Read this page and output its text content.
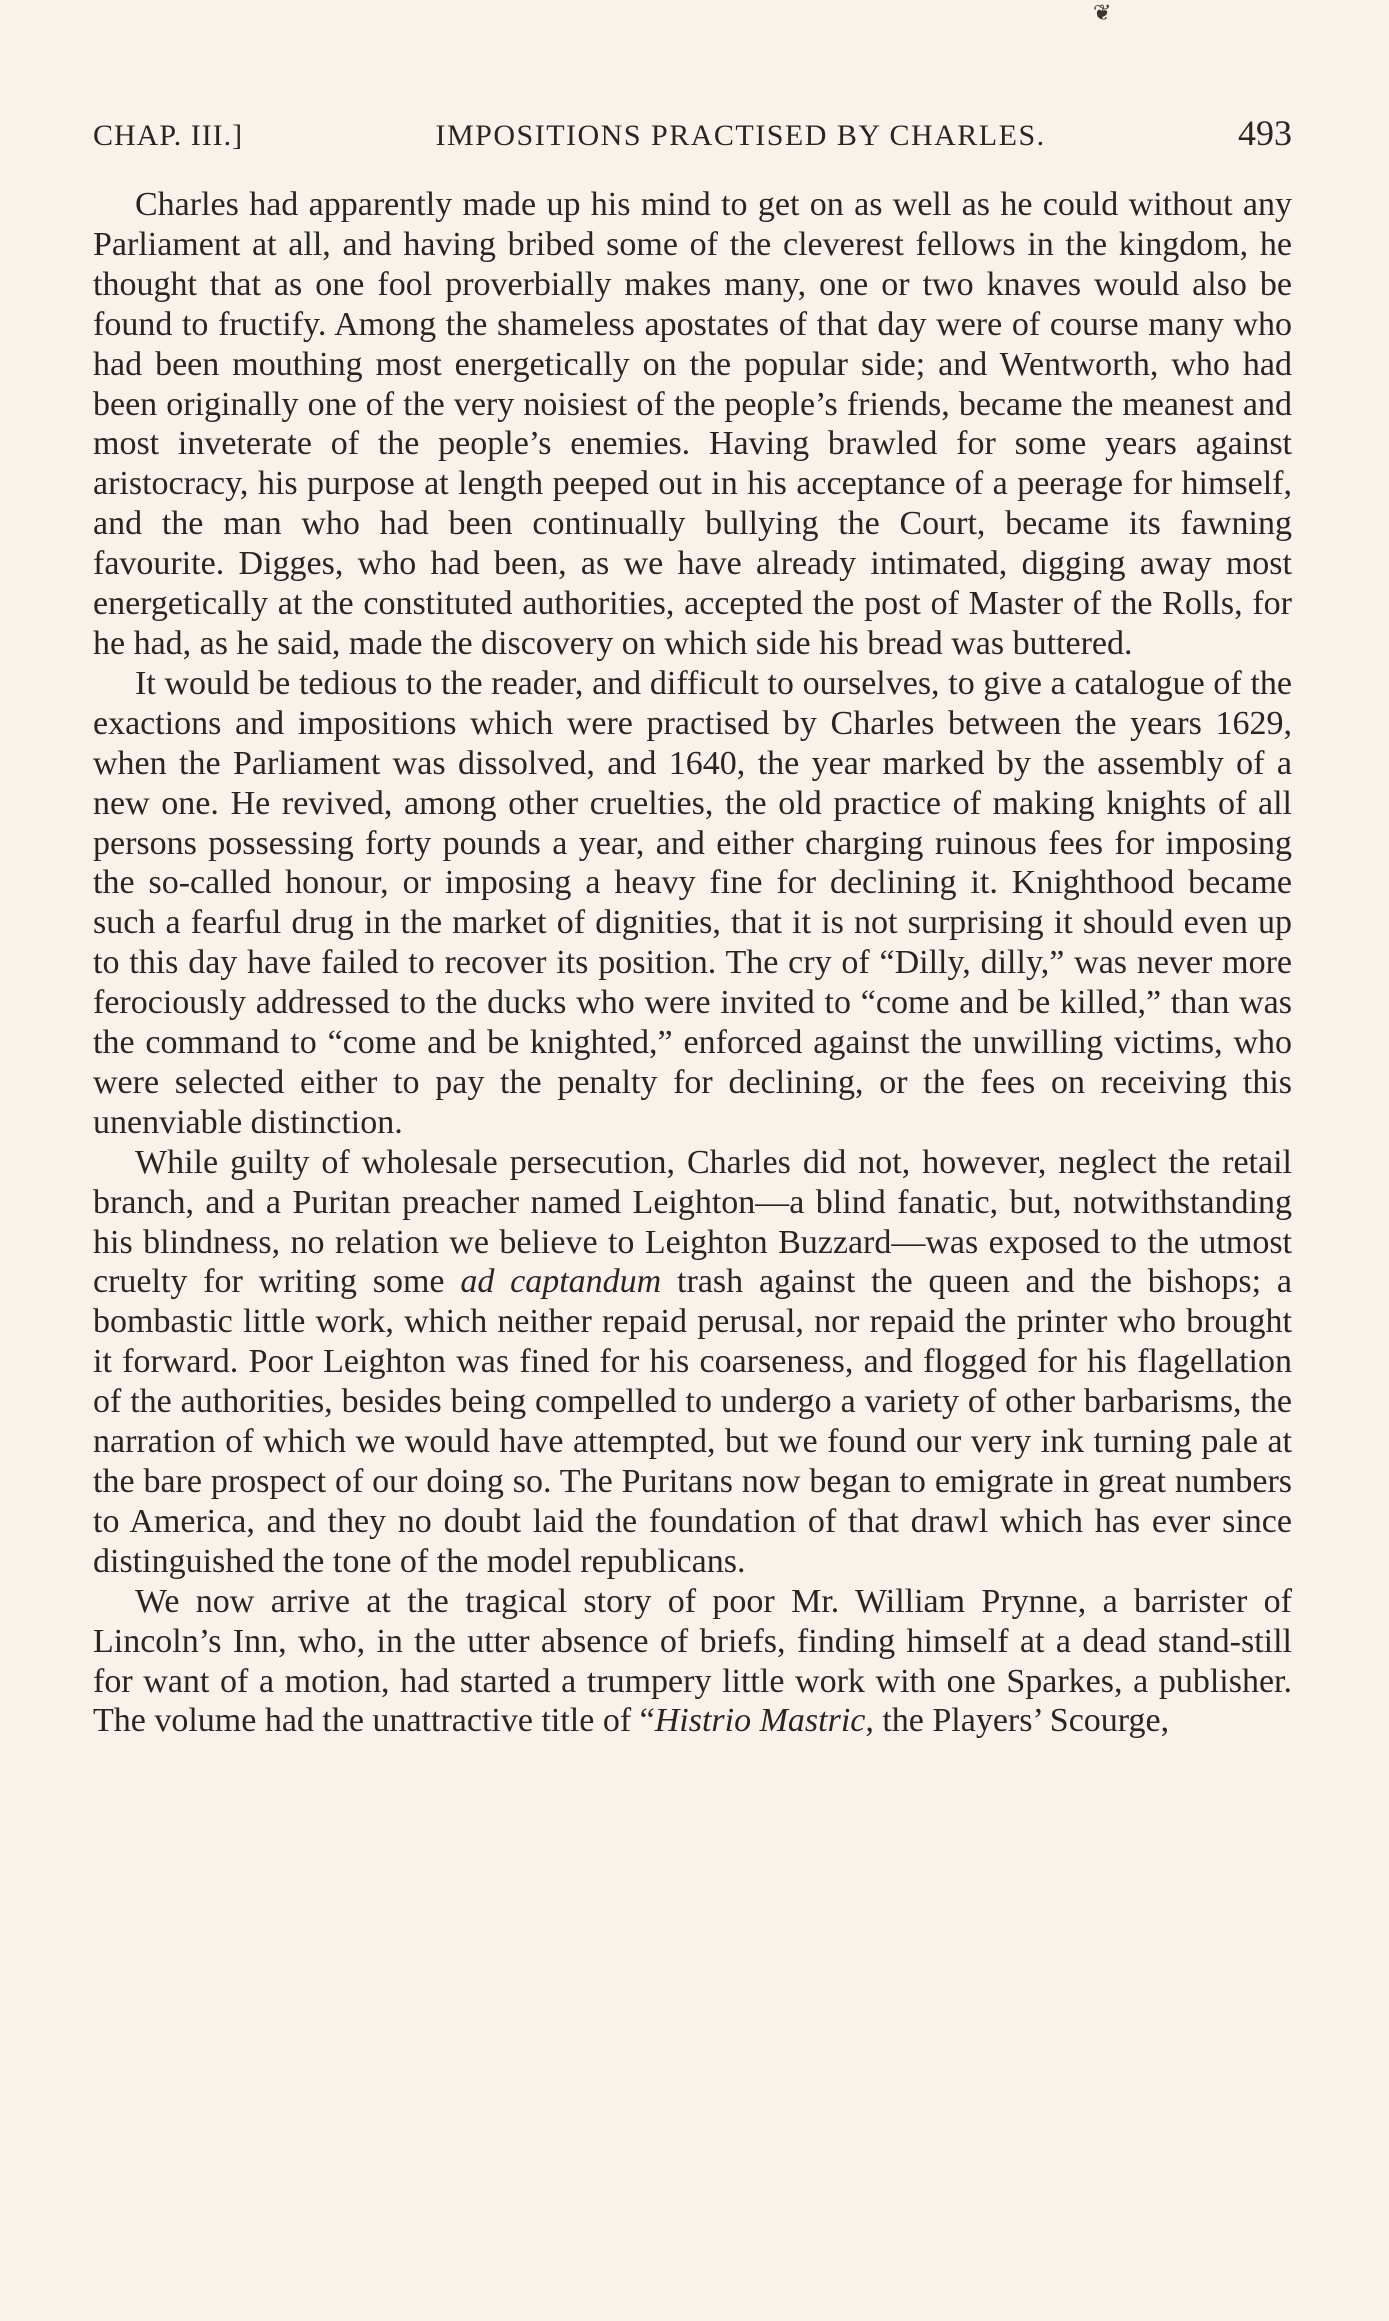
❦
CHAP. III.]	IMPOSITIONS PRACTISED BY CHARLES.	493

Charles had apparently made up his mind to get on as well as he could without any Parliament at all, and having bribed some of the cleverest fellows in the kingdom, he thought that as one fool proverbially makes many, one or two knaves would also be found to fructify. Among the shameless apostates of that day were of course many who had been mouthing most energetically on the popular side; and Wentworth, who had been originally one of the very noisiest of the people’s friends, became the meanest and most inveterate of the people’s enemies. Having brawled for some years against aristocracy, his purpose at length peeped out in his acceptance of a peerage for himself, and the man who had been continually bullying the Court, became its fawning favourite. Digges, who had been, as we have already intimated, digging away most energetically at the constituted authorities, accepted the post of Master of the Rolls, for he had, as he said, made the discovery on which side his bread was buttered.

It would be tedious to the reader, and difficult to ourselves, to give a catalogue of the exactions and impositions which were practised by Charles between the years 1629, when the Parliament was dissolved, and 1640, the year marked by the assembly of a new one. He revived, among other cruelties, the old practice of making knights of all persons possessing forty pounds a year, and either charging ruinous fees for imposing the so-called honour, or imposing a heavy fine for declining it. Knighthood became such a fearful drug in the market of dignities, that it is not surprising it should even up to this day have failed to recover its position. The cry of “Dilly, dilly,” was never more ferociously addressed to the ducks who were invited to “come and be killed,” than was the command to “come and be knighted,” enforced against the unwilling victims, who were selected either to pay the penalty for declining, or the fees on receiving this unenviable distinction.

While guilty of wholesale persecution, Charles did not, however, neglect the retail branch, and a Puritan preacher named Leighton—a blind fanatic, but, notwithstanding his blindness, no relation we believe to Leighton Buzzard—was exposed to the utmost cruelty for writing some ad captandum trash against the queen and the bishops; a bombastic little work, which neither repaid perusal, nor repaid the printer who brought it forward. Poor Leighton was fined for his coarseness, and flogged for his flagellation of the authorities, besides being compelled to undergo a variety of other barbarisms, the narration of which we would have attempted, but we found our very ink turning pale at the bare prospect of our doing so. The Puritans now began to emigrate in great numbers to America, and they no doubt laid the foundation of that drawl which has ever since distinguished the tone of the model republicans.

We now arrive at the tragical story of poor Mr. William Prynne, a barrister of Lincoln’s Inn, who, in the utter absence of briefs, finding himself at a dead stand-still for want of a motion, had started a trumpery little work with one Sparkes, a publisher. The volume had the unattractive title of “Histrio Mastric, the Players’ Scourge,
